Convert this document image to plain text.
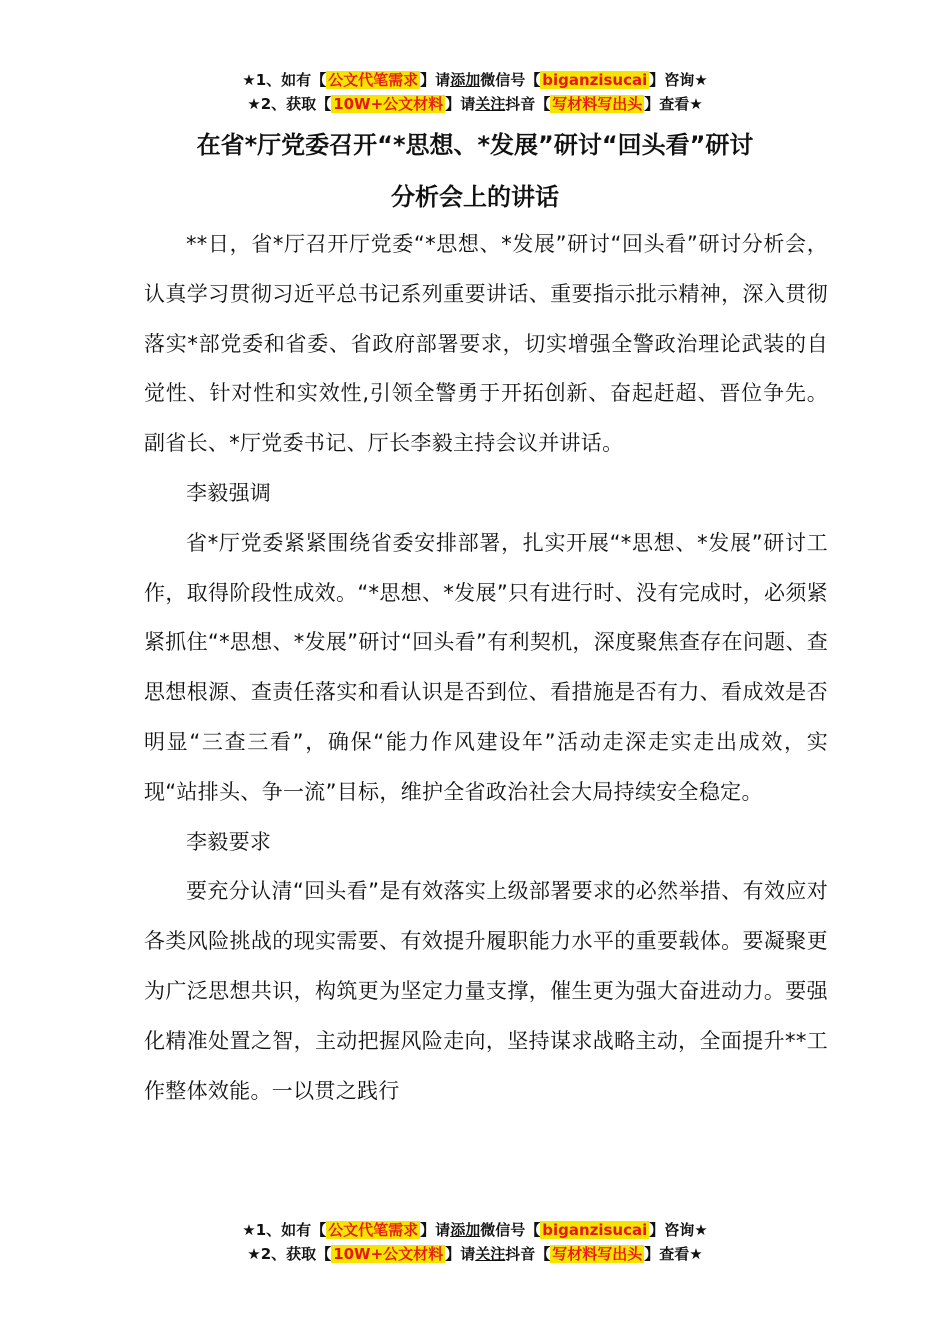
★1、如有【 公文代笔需求 】请添加微信号【 biganzisucai 】咨询★
★2、获取【 10W+公文材料 】请关注抖音【 写材料写出头 】查看★
在省*厅党委召开“*思想、*发展”研讨“回头看”研讨
分析会上的讲话

**日，省*厅召开厅党委“*思想、*发展”研讨“回头看”研讨分析会，认真学习贯彻习近平总书记系列重要讲话、重要指示批示精神，深入贯彻落实*部党委和省委、省政府部署要求，切实增强全警政治理论武装的自觉性、针对性和实效性,引领全警勇于开拓创新、奋起赶超、晋位争先。副省长、*厅党委书记、厅长李毅主持会议并讲话。

李毅强调

省*厅党委紧紧围绕省委安排部署，扎实开展“*思想、*发展”研讨工作，取得阶段性成效。“*思想、*发展”只有进行时、没有完成时，必须紧紧抓住“*思想、*发展”研讨“回头看”有利契机，深度聚焦查存在问题、查思想根源、查责任落实和看认识是否到位、看措施是否有力、看成效是否明显“三查三看”，确保“能力作风建设年”活动走深走实走出成效，实现“站排头、争一流”目标，维护全省政治社会大局持续安全稳定。

李毅要求

要充分认清“回头看”是有效落实上级部署要求的必然举措、有效应对各类风险挑战的现实需要、有效提升履职能力水平的重要载体。要凝聚更为广泛思想共识，构筑更为坚定力量支撑，催生更为强大奋进动力。要强化精准处置之智，主动把握风险走向，坚持谋求战略主动，全面提升**工作整体效能。一以贯之践行

★1、如有【 公文代笔需求 】请添加微信号【 biganzisucai 】咨询★
★2、获取【 10W+公文材料 】请关注抖音【 写材料写出头 】查看★
